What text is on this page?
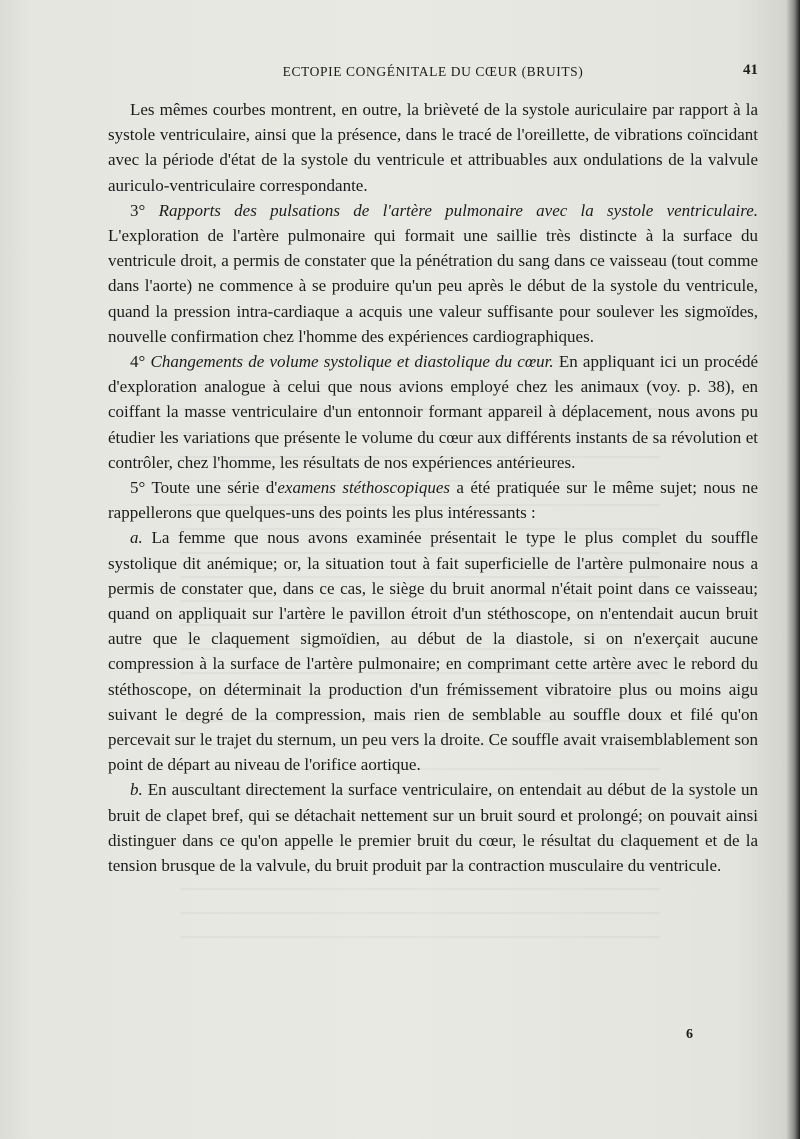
ECTOPIE CONGÉNITALE DU CŒUR (BRUITS)	41

Les mêmes courbes montrent, en outre, la brièveté de la systole auriculaire par rapport à la systole ventriculaire, ainsi que la présence, dans le tracé de l'oreillette, de vibrations coïncidant avec la période d'état de la systole du ventricule et attribuables aux ondulations de la valvule auriculo-ventriculaire correspondante.

3° Rapports des pulsations de l'artère pulmonaire avec la systole ventriculaire. L'exploration de l'artère pulmonaire qui formait une saillie très distincte à la surface du ventricule droit, a permis de constater que la pénétration du sang dans ce vaisseau (tout comme dans l'aorte) ne commence à se produire qu'un peu après le début de la systole du ventricule, quand la pression intra-cardiaque a acquis une valeur suffisante pour soulever les sigmoïdes, nouvelle confirmation chez l'homme des expériences cardiographiques.

4° Changements de volume systolique et diastolique du cœur. En appliquant ici un procédé d'exploration analogue à celui que nous avions employé chez les animaux (voy. p. 38), en coiffant la masse ventriculaire d'un entonnoir formant appareil à déplacement, nous avons pu étudier les variations que présente le volume du cœur aux différents instants de sa révolution et contrôler, chez l'homme, les résultats de nos expériences antérieures.

5° Toute une série d'examens stéthoscopiques a été pratiquée sur le même sujet; nous ne rappellerons que quelques-uns des points les plus intéressants :

a. La femme que nous avons examinée présentait le type le plus complet du souffle systolique dit anémique; or, la situation tout à fait superficielle de l'artère pulmonaire nous a permis de constater que, dans ce cas, le siège du bruit anormal n'était point dans ce vaisseau; quand on appliquait sur l'artère le pavillon étroit d'un stéthoscope, on n'entendait aucun bruit autre que le claquement sigmoïdien, au début de la diastole, si on n'exerçait aucune compression à la surface de l'artère pulmonaire; en comprimant cette artère avec le rebord du stéthoscope, on déterminait la production d'un frémissement vibratoire plus ou moins aigu suivant le degré de la compression, mais rien de semblable au souffle doux et filé qu'on percevait sur le trajet du sternum, un peu vers la droite. Ce souffle avait vraisemblablement son point de départ au niveau de l'orifice aortique.

b. En auscultant directement la surface ventriculaire, on entendait au début de la systole un bruit de clapet bref, qui se détachait nettement sur un bruit sourd et prolongé; on pouvait ainsi distinguer dans ce qu'on appelle le premier bruit du cœur, le résultat du claquement et de la tension brusque de la valvule, du bruit produit par la contraction musculaire du ventricule.

6
